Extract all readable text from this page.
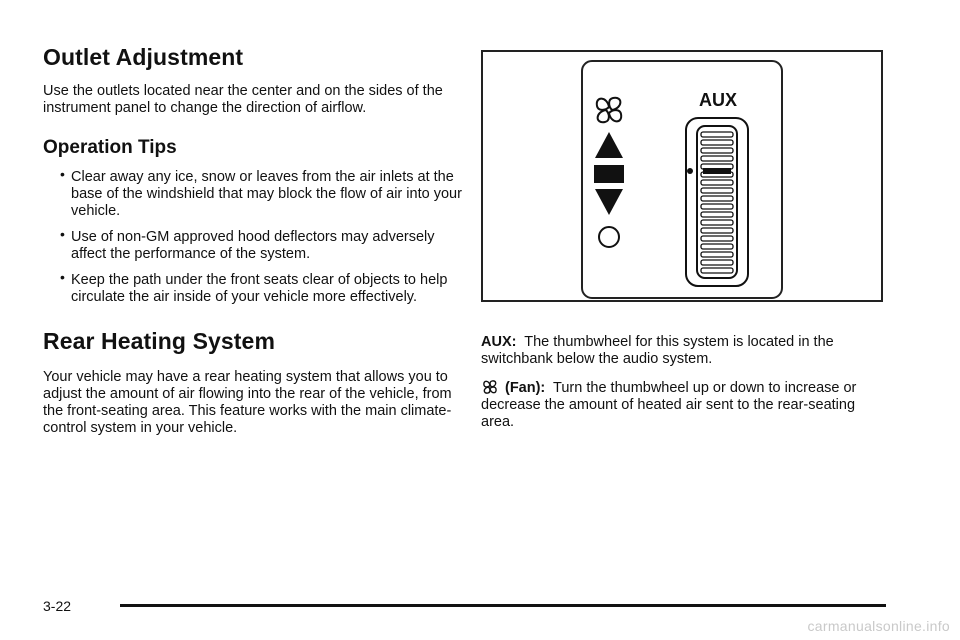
Outlet Adjustment

Use the outlets located near the center and on the sides of the instrument panel to change the direction of airflow.

Operation Tips
• Clear away any ice, snow or leaves from the air inlets at the base of the windshield that may block the flow of air into your vehicle.
• Use of non-GM approved hood deflectors may adversely affect the performance of the system.
• Keep the path under the front seats clear of objects to help circulate the air inside of your vehicle more effectively.
Rear Heating System

Your vehicle may have a rear heating system that allows you to adjust the amount of air flowing into the rear of the vehicle, from the front-seating area. This feature works with the main climate-control system in your vehicle.

AUX

AUX: The thumbwheel for this system is located in the switchbank below the audio system.

(Fan): Turn the thumbwheel up or down to increase or decrease the amount of heated air sent to the rear-seating area.

3-22
carmanualsonline.info
